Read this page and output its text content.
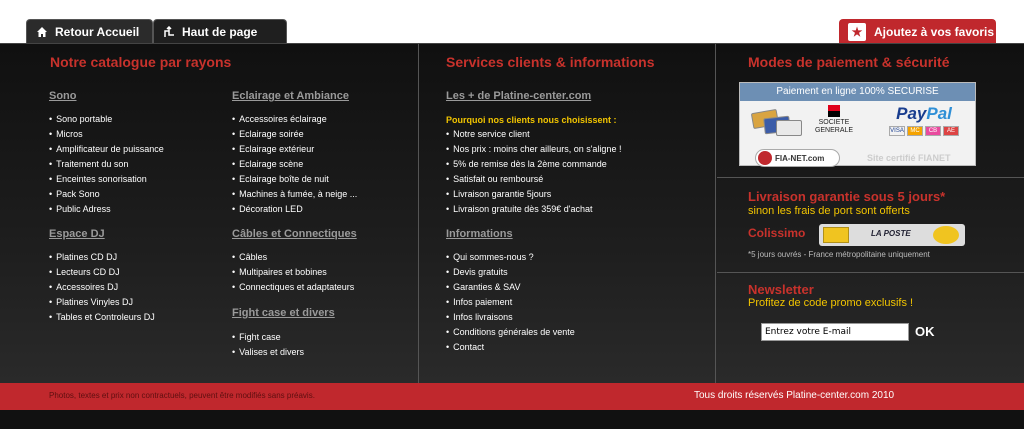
Retour Accueil	Haut de page	★ Ajoutez à vos favoris
Notre catalogue par rayons
Sono
• Sono portable
• Micros
• Amplificateur de puissance
• Traitement du son
• Enceintes sonorisation
• Pack Sono
• Public Adress
Espace DJ
• Platines CD DJ
• Lecteurs CD DJ
• Accessoires DJ
• Platines Vinyles DJ
• Tables et Controleurs DJ
Eclairage et Ambiance
• Accessoires éclairage
• Eclairage soirée
• Eclairage extérieur
• Eclairage scène
• Eclairage boîte de nuit
• Machines à fumée, à neige ...
• Décoration LED
Câbles et Connectiques
• Câbles
• Multipaires et bobines
• Connectiques et adaptateurs
Fight case et divers
• Fight case
• Valises et divers
Services clients & informations
Les + de Platine-center.com
Pourquoi nos clients nous choisissent :
• Notre service client
• Nos prix : moins cher ailleurs, on s'aligne !
• 5% de remise dès la 2ème commande
• Satisfait ou remboursé
• Livraison garantie 5jours
• Livraison gratuite dès 359€ d'achat
Informations
• Qui sommes-nous ?
• Devis gratuits
• Garanties & SAV
• Infos paiement
• Infos livraisons
• Conditions générales de vente
• Contact
Modes de paiement & sécurité
Paiement en ligne 100% SECURISE
SOCIETE
GENERALE
PayPal
VISA	MC	CB	AE
FIA-NET.com	Site certifié FIANET
Livraison garantie sous 5 jours*
sinon les frais de port sont offerts
Colissimo	LA POSTE
*5 jours ouvrés - France métropolitaine uniquement
Newsletter
Profitez de code promo exclusifs !
Entrez votre E-mail
OK
Photos, textes et prix non contractuels, peuvent être modifiés sans préavis.	Tous droits réservés Platine-center.com 2010
